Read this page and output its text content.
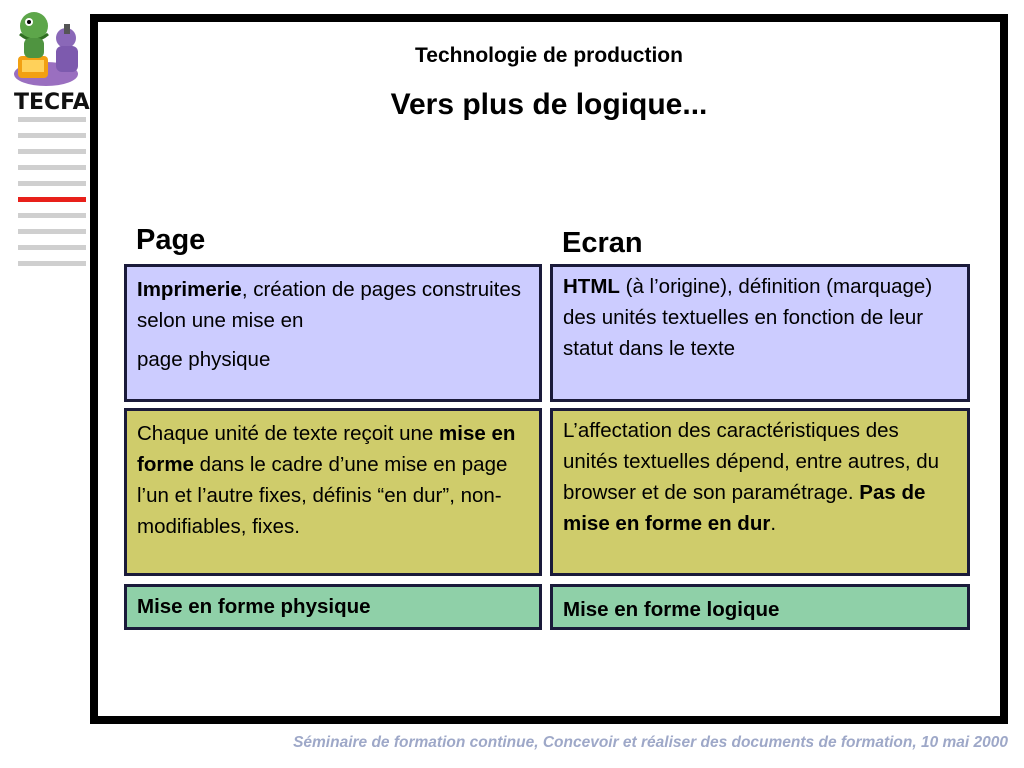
TECFA
Technologie de production
Vers plus de logique...
Page	Ecran
Imprimerie, création de pages construites selon une mise en
page physique
Chaque unité de texte reçoit une mise en forme dans le cadre d’une mise en page l’un et l’autre fixes, définis “en dur”, non-modifiables, fixes.
Mise en forme physique
HTML (à l’origine), définition (marquage) des unités textuelles en fonction de leur statut dans le texte
L’affectation des caractéristiques des unités textuelles dépend, entre autres, du browser et de son paramétrage. Pas de mise en forme en dur.
Mise en forme logique
Séminaire de formation continue, Concevoir et réaliser des documents de formation, 10 mai 2000
